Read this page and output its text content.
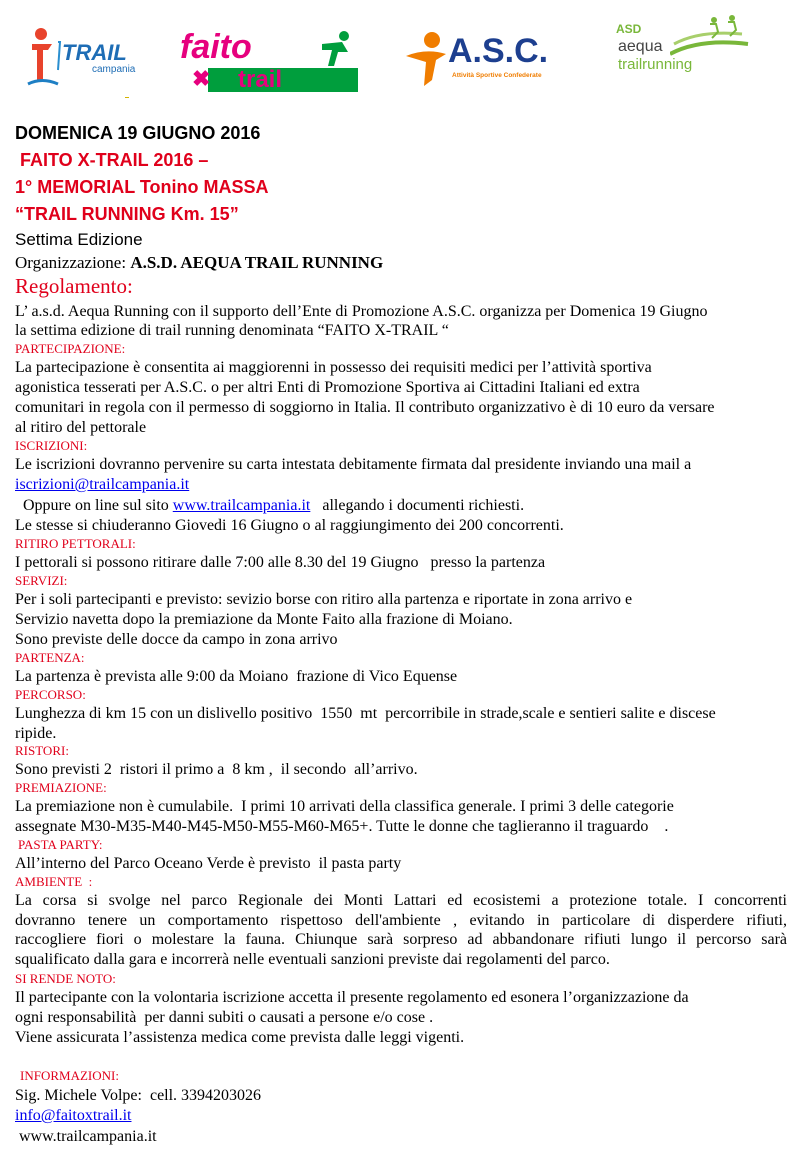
TRAIL
campania
faito
✖ trail
A.S.C.
Attività Sportive Confederate
ASD
aequa
trailrunning
DOMENICA 19 GIUGNO 2016
FAITO X-TRAIL 2016 –
1° MEMORIAL Tonino MASSA
“TRAIL RUNNING Km. 15”
Settima Edizione
Organizzazione: A.S.D. AEQUA TRAIL RUNNING
Regolamento:
L’ a.s.d. Aequa Running con il supporto dell’Ente di Promozione A.S.C. organizza per Domenica 19 Giugno
la settima edizione di trail running denominata “FAITO X-TRAIL “
PARTECIPAZIONE:
La partecipazione è consentita ai maggiorenni in possesso dei requisiti medici per l’attività sportiva
agonistica tesserati per A.S.C. o per altri Enti di Promozione Sportiva ai Cittadini Italiani ed extra
comunitari in regola con il permesso di soggiorno in Italia. Il contributo organizzativo è di 10 euro da versare
al ritiro del pettorale
ISCRIZIONI:
Le iscrizioni dovranno pervenire su carta intestata debitamente firmata dal presidente inviando una mail a
iscrizioni@trailcampania.it
Oppure on line sul sito www.trailcampania.it   allegando i documenti richiesti.
Le stesse si chiuderanno Giovedi 16 Giugno o al raggiungimento dei 200 concorrenti.
RITIRO PETTORALI:
I pettorali si possono ritirare dalle 7:00 alle 8.30 del 19 Giugno   presso la partenza
SERVIZI:
Per i soli partecipanti e previsto: sevizio borse con ritiro alla partenza e riportate in zona arrivo e
Servizio navetta dopo la premiazione da Monte Faito alla frazione di Moiano.
Sono previste delle docce da campo in zona arrivo
PARTENZA:
La partenza è prevista alle 9:00 da Moiano  frazione di Vico Equense
PERCORSO:
Lunghezza di km 15 con un dislivello positivo  1550  mt  percorribile in strade,scale e sentieri salite e discese
ripide.
RISTORI:
Sono previsti 2  ristori il primo a  8 km ,  il secondo  all’arrivo.
PREMIAZIONE:
La premiazione non è cumulabile.  I primi 10 arrivati della classifica generale. I primi 3 delle categorie
assegnate M30-M35-M40-M45-M50-M55-M60-M65+. Tutte le donne che taglieranno il traguardo    .
PASTA PARTY:
All’interno del Parco Oceano Verde è previsto  il pasta party
AMBIENTE  :
La corsa si svolge nel parco Regionale dei Monti Lattari ed ecosistemi a protezione totale. I concorrenti
dovranno tenere un comportamento rispettoso dell'ambiente , evitando in particolare di disperdere rifiuti,
raccogliere fiori o molestare la fauna. Chiunque sarà sorpreso ad abbandonare rifiuti lungo il percorso sarà
squalificato dalla gara e incorrerà nelle eventuali sanzioni previste dai regolamenti del parco.
SI RENDE NOTO:
Il partecipante con la volontaria iscrizione accetta il presente regolamento ed esonera l’organizzazione da
ogni responsabilità  per danni subiti o causati a persone e/o cose .
Viene assicurata l’assistenza medica come prevista dalle leggi vigenti.
INFORMAZIONI:
Sig. Michele Volpe:  cell. 3394203026
info@faitoxtrail.it
www.trailcampania.it
